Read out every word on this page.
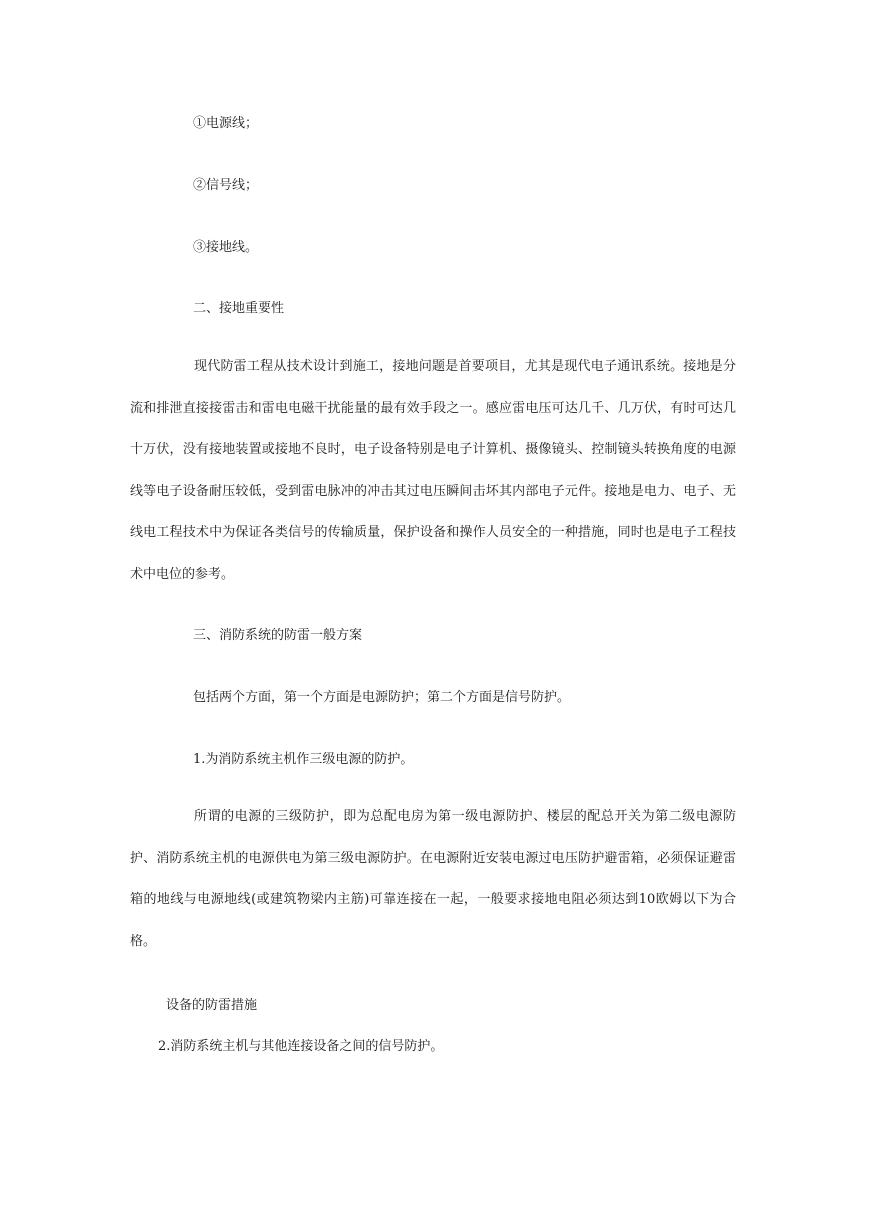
①电源线；
②信号线；
③接地线。
二、接地重要性

现代防雷工程从技术设计到施工，接地问题是首要项目，尤其是现代电子通讯系统。接地是分流和排泄直接接雷击和雷电电磁干扰能量的最有效手段之一。感应雷电压可达几千、几万伏，有时可达几十万伏，没有接地装置或接地不良时，电子设备特别是电子计算机、摄像镜头、控制镜头转换角度的电源线等电子设备耐压较低，受到雷电脉冲的冲击其过电压瞬间击坏其内部电子元件。接地是电力、电子、无线电工程技术中为保证各类信号的传输质量，保护设备和操作人员安全的一种措施，同时也是电子工程技术中电位的参考。

三、消防系统的防雷一般方案
包括两个方面，第一个方面是电源防护；第二个方面是信号防护。
1.为消防系统主机作三级电源的防护。

所谓的电源的三级防护，即为总配电房为第一级电源防护、楼层的配总开关为第二级电源防护、消防系统主机的电源供电为第三级电源防护。在电源附近安装电源过电压防护避雷箱，必须保证避雷箱的地线与电源地线(或建筑物梁内主筋)可靠连接在一起，一般要求接地电阻必须达到10欧姆以下为合格。

设备的防雷措施
2.消防系统主机与其他连接设备之间的信号防护。
